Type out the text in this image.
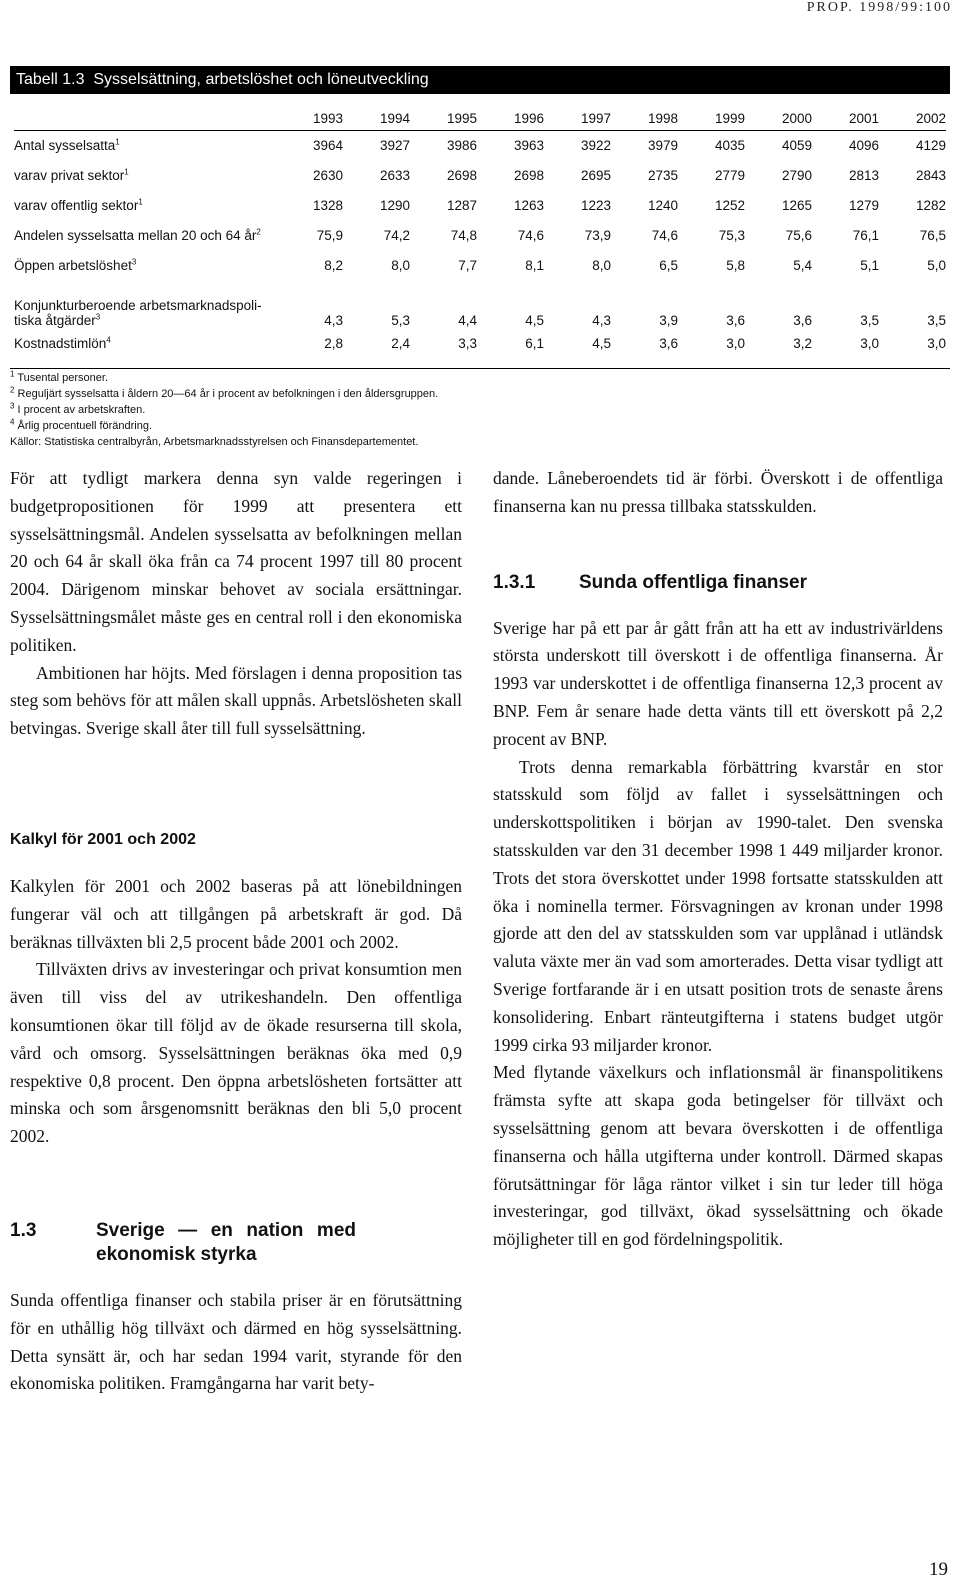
PROP. 1998/99:100
Tabell 1.3  Sysselsättning, arbetslöshet och löneutveckling
	1993	1994	1995	1996	1997	1998	1999	2000	2001	2002
Antal sysselsatta$^1$	3964	3927	3986	3963	3922	3979	4035	4059	4096	4129
varav privat sektor$^1$	2630	2633	2698	2698	2695	2735	2779	2790	2813	2843
varav offentlig sektor$^1$	1328	1290	1287	1263	1223	1240	1252	1265	1279	1282
Andelen sysselsatta mellan 20 och 64 $år^2$	75,9	74,2	74,8	74,6	73,9	74,6	75,3	75,6	76,1	76,5
Öppen arbetslöshet$^3$	8,2	8,0	7,7	8,1	8,0	6,5	5,8	5,4	5,1	5,0

Konjunkturberoende arbetsmarknadspoli-
tiska åtgärder$^3$	4,3	5,3	4,4	4,5	4,3	3,9	3,6	3,6	3,5	3,5
Kostnadstimlön$^4$	2,8	2,4	3,3	6,1	4,5	3,6	3,0	3,2	3,0	3,0
$^1$ Tusental personer.
$^2$ Reguljärt sysselsatta i åldern 20—64 år i procent av befolkningen i den åldersgruppen.
$^3$ I procent av arbetskraften.
$^4$ Årlig procentuell förändring.
Källor: Statistiska centralbyrån, Arbetsmarknadsstyrelsen och Finansdepartementet.

För att tydligt markera denna syn valde regeringen i budgetpropositionen för 1999 att presentera ett sysselsättningsmål. Andelen sysselsatta av befolkningen mellan 20 och 64 år skall öka från ca 74 procent 1997 till 80 procent 2004. Därigenom minskar behovet av sociala ersättningar. Sysselsättningsmålet måste ges en central roll i den ekonomiska politiken.

Ambitionen har höjts. Med förslagen i denna proposition tas steg som behövs för att målen skall uppnås. Arbetslösheten skall betvingas. Sverige skall åter till full sysselsättning.

Kalkyl för 2001 och 2002

Kalkylen för 2001 och 2002 baseras på att lönebildningen fungerar väl och att tillgången på arbetskraft är god. Då beräknas tillväxten bli 2,5 procent både 2001 och 2002.

Tillväxten drivs av investeringar och privat konsumtion men även till viss del av utrikeshandeln. Den offentliga konsumtionen ökar till följd av de ökade resurserna till skola, vård och omsorg. Sysselsättningen beräknas öka med 0,9 respektive 0,8 procent. Den öppna arbetslösheten fortsätter att minska och som årsgenomsnitt beräknas den bli 5,0 procent 2002.

1.3	Sverige — en nation med ekonomisk styrka

Sunda offentliga finanser och stabila priser är en förutsättning för en uthållig hög tillväxt och därmed en hög sysselsättning. Detta synsätt är, och har sedan 1994 varit, styrande för den ekonomiska politiken. Framgångarna har varit bety-

dande. Låneberoendets tid är förbi. Överskott i de offentliga finanserna kan nu pressa tillbaka statsskulden.

1.3.1	Sunda offentliga finanser

Sverige har på ett par år gått från att ha ett av industrivärldens största underskott till överskott i de offentliga finanserna. År 1993 var underskottet i de offentliga finanserna 12,3 procent av BNP. Fem år senare hade detta vänts till ett överskott på 2,2 procent av BNP.

Trots denna remarkabla förbättring kvarstår en stor statsskuld som följd av fallet i sysselsättningen och underskottspolitiken i början av 1990-talet. Den svenska statsskulden var den 31 december 1998 1 449 miljarder kronor. Trots det stora överskottet under 1998 fortsatte statsskulden att öka i nominella termer. Försvagningen av kronan under 1998 gjorde att den del av statsskulden som var upplånad i utländsk valuta växte mer än vad som amorterades. Detta visar tydligt att Sverige fortfarande är i en utsatt position trots de senaste årens konsolidering. Enbart ränteutgifterna i statens budget utgör 1999 cirka 93 miljarder kronor.

Med flytande växelkurs och inflationsmål är finanspolitikens främsta syfte att skapa goda betingelser för tillväxt och sysselsättning genom att bevara överskotten i de offentliga finanserna och hålla utgifterna under kontroll. Därmed skapas förutsättningar för låga räntor vilket i sin tur leder till höga investeringar, god tillväxt, ökad sysselsättning och ökade möjligheter till en god fördelningspolitik.

19
